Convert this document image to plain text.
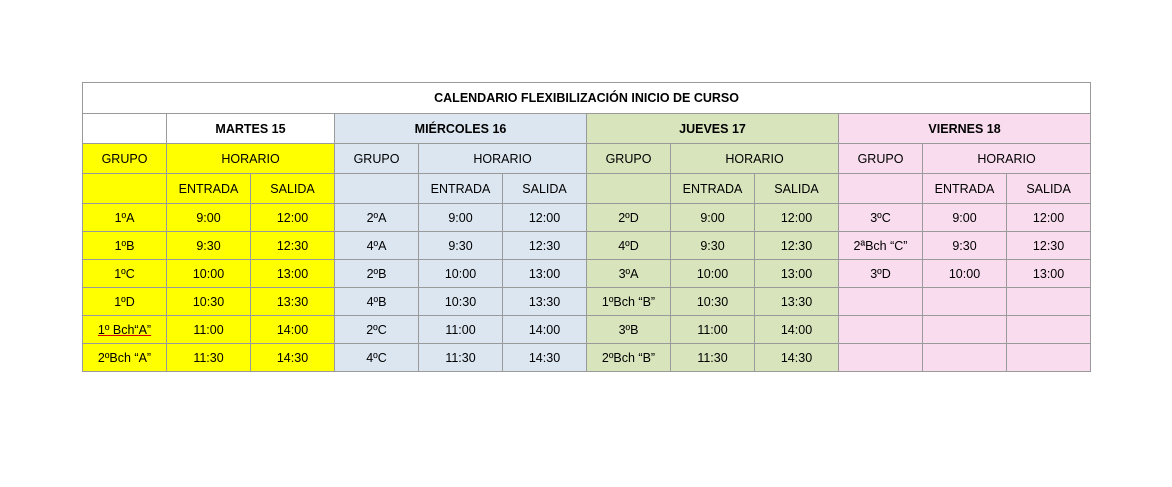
CALENDARIO FLEXIBILIZACIÓN INICIO DE CURSO											
	MARTES 15		MIÉRCOLES 16			JUEVES 17			VIERNES 18		
GRUPO	HORARIO		GRUPO	HORARIO		GRUPO	HORARIO		GRUPO	HORARIO	
	ENTRADA	SALIDA		ENTRADA	SALIDA		ENTRADA	SALIDA		ENTRADA	SALIDA
1ºA	9:00	12:00	2ºA	9:00	12:00	2ºD	9:00	12:00	3ºC	9:00	12:00
1ºB	9:30	12:30	4ºA	9:30	12:30	4ºD	9:30	12:30	2ªBch “C”	9:30	12:30
1ºC	10:00	13:00	2ºB	10:00	13:00	3ºA	10:00	13:00	3ºD	10:00	13:00
1ºD	10:30	13:30	4ºB	10:30	13:30	1ºBch “B”	10:30	13:30			
1º Bch“A”	11:00	14:00	2ºC	11:00	14:00	3ºB	11:00	14:00			
2ºBch “A”	11:30	14:30	4ºC	11:30	14:30	2ºBch “B”	11:30	14:30			
